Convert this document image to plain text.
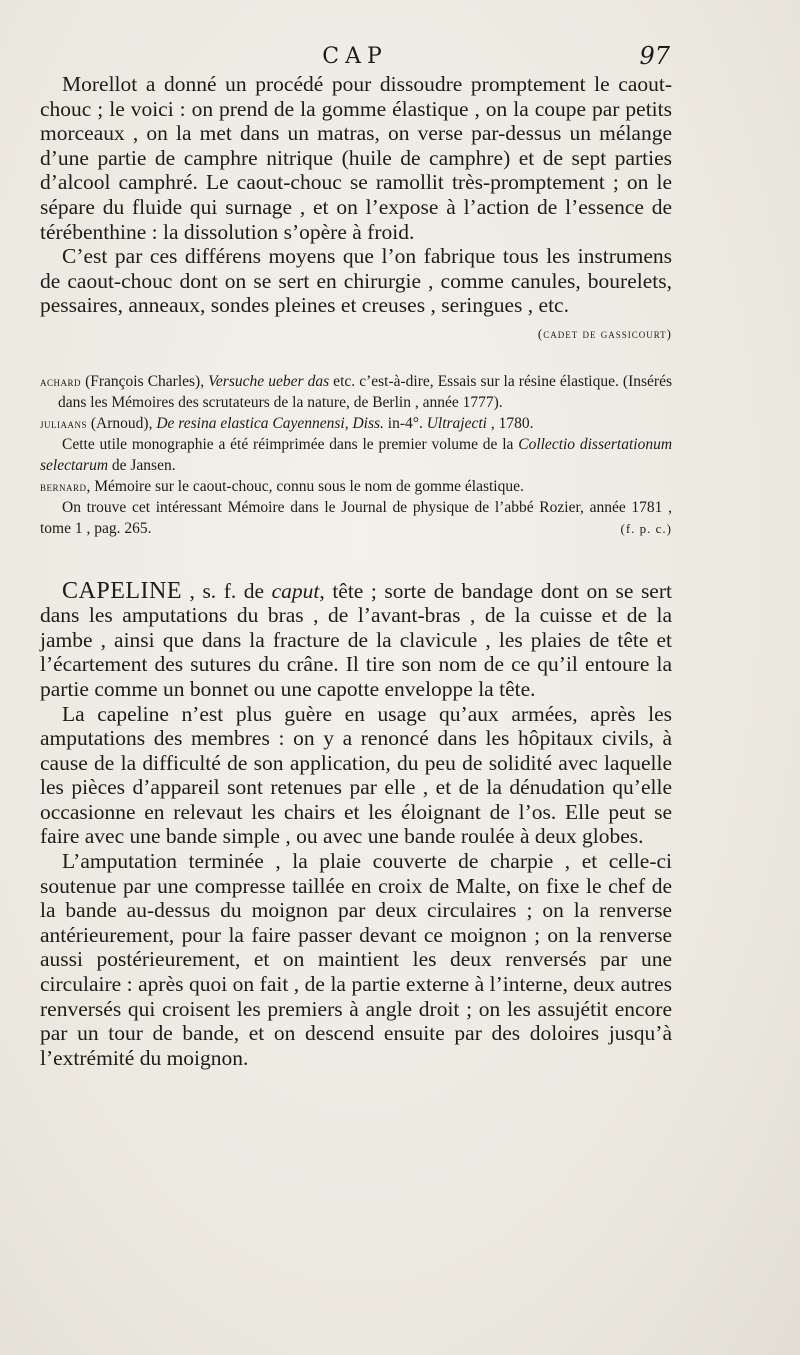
CAP	97

Morellot a donné un procédé pour dissoudre promptement le caout-chouc ; le voici : on prend de la gomme élastique , on la coupe par petits morceaux , on la met dans un matras, on verse par-dessus un mélange d’une partie de camphre nitrique (huile de camphre) et de sept parties d’alcool camphré. Le caout-chouc se ramollit très-promptement ; on le sépare du fluide qui surnage , et on l’expose à l’action de l’essence de térébenthine : la dissolution s’opère à froid.

C’est par ces différens moyens que l’on fabrique tous les instrumens de caout-chouc dont on se sert en chirurgie , comme canules, bourelets, pessaires, anneaux, sondes pleines et creuses , seringues , etc.
(cadet de gassicourt)

achard (François Charles), Versuche ueber das etc. c’est-à-dire, Essais sur la résine élastique. (Insérés dans les Mémoires des scrutateurs de la nature, de Berlin , année 1777).

juliaans (Arnoud), De resina elastica Cayennensi, Diss. in-4°. Ultrajecti , 1780.

Cette utile monographie a été réimprimée dans le premier volume de la Collectio dissertationum selectarum de Jansen.

bernard, Mémoire sur le caout-chouc, connu sous le nom de gomme élastique.

On trouve cet intéressant Mémoire dans le Journal de physique de l’abbé Rozier, année 1781 , tome 1 , pag. 265.	(f. p. c.)

CAPELINE , s. f. de caput, tête ; sorte de bandage dont on se sert dans les amputations du bras , de l’avant-bras , de la cuisse et de la jambe , ainsi que dans la fracture de la clavicule , les plaies de tête et l’écartement des sutures du crâne. Il tire son nom de ce qu’il entoure la partie comme un bonnet ou une capotte enveloppe la tête.

La capeline n’est plus guère en usage qu’aux armées, après les amputations des membres : on y a renoncé dans les hôpitaux civils, à cause de la difficulté de son application, du peu de solidité avec laquelle les pièces d’appareil sont retenues par elle , et de la dénudation qu’elle occasionne en relevaut les chairs et les éloignant de l’os. Elle peut se faire avec une bande simple , ou avec une bande roulée à deux globes.

L’amputation terminée , la plaie couverte de charpie , et celle-ci soutenue par une compresse taillée en croix de Malte, on fixe le chef de la bande au-dessus du moignon par deux circulaires ; on la renverse antérieurement, pour la faire passer devant ce moignon ; on la renverse aussi postérieurement, et on maintient les deux renversés par une circulaire : après quoi on fait , de la partie externe à l’interne, deux autres renversés qui croisent les premiers à angle droit ; on les assujétit encore par un tour de bande, et on descend ensuite par des doloires jusqu’à l’extrémité du moignon.
